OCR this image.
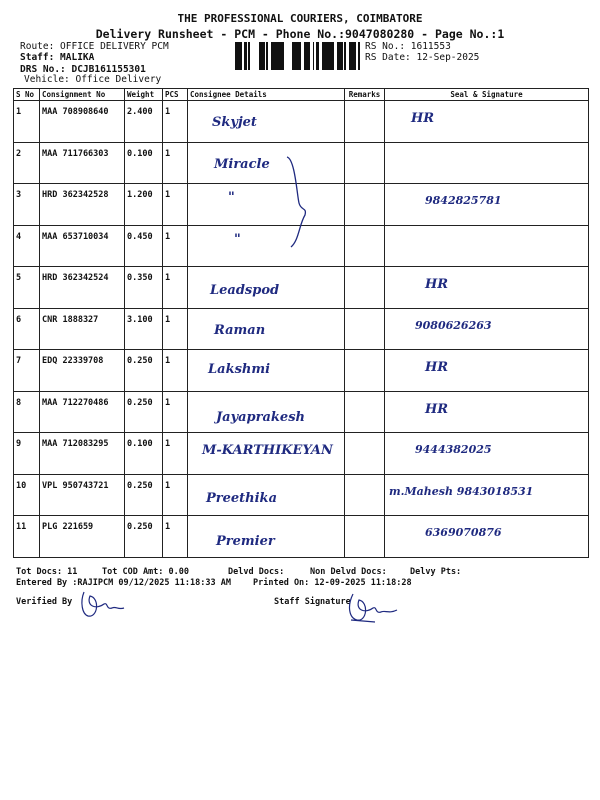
THE PROFESSIONAL COURIERS, COIMBATORE
Delivery Runsheet - PCM - Phone No.:9047080280 - Page No.:1
Route: OFFICE DELIVERY PCM
Staff: MALIKA
DRS No.: DCJB161155301
Vehicle: Office Delivery
RS No.: 1611553
RS Date: 12-Sep-2025
S No	Consignment No	Weight	PCS	Consignee Details	Remarks	Seal & Signature
1	MAA 708908640	2.400	1	Skyjet		HR

2	MAA 711766303	0.100	1	Miracle		

3	HRD 362342528	1.200	1	"		9842825781

4	MAA 653710034	0.450	1	"		

5	HRD 362342524	0.350	1	Leadspod		HR

6	CNR 1888327	3.100	1	Raman		9080626263

7	EDQ 22339708	0.250	1	Lakshmi		HR

8	MAA 712270486	0.250	1	Jayaprakesh		HR

9	MAA 712083295	0.100	1	M-KARTHIKEYAN		9444382025

10	VPL 950743721	0.250	1	Preethika		m.Mahesh 9843018531

11	PLG 221659	0.250	1	Premier		6369070876
Tot Docs: 11	Tot COD Amt: 0.00	Delvd Docs:	Non Delvd Docs:	Delvy Pts:
Entered By :RAJIPCM 09/12/2025 11:18:33 AM	Printed On: 12-09-2025 11:18:28
Verified By	Staff Signature
